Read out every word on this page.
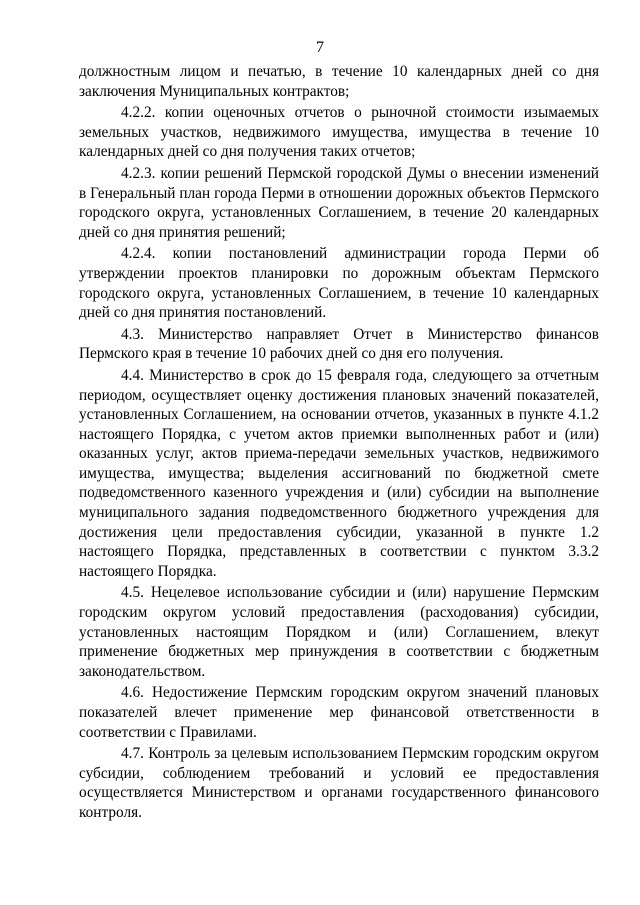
7

должностным лицом и печатью, в течение 10 календарных дней со дня заключения Муниципальных контрактов;

4.2.2. копии оценочных отчетов о рыночной стоимости изымаемых земельных участков, недвижимого имущества, имущества в течение 10 календарных дней со дня получения таких отчетов;

4.2.3. копии решений Пермской городской Думы о внесении изменений в Генеральный план города Перми в отношении дорожных объектов Пермского городского округа, установленных Соглашением, в течение 20 календарных дней со дня принятия решений;

4.2.4. копии постановлений администрации города Перми об утверждении проектов планировки по дорожным объектам Пермского городского округа, установленных Соглашением, в течение 10 календарных дней со дня принятия постановлений.

4.3. Министерство направляет Отчет в Министерство финансов Пермского края в течение 10 рабочих дней со дня его получения.

4.4. Министерство в срок до 15 февраля года, следующего за отчетным периодом, осуществляет оценку достижения плановых значений показателей, установленных Соглашением, на основании отчетов, указанных в пункте 4.1.2 настоящего Порядка, с учетом актов приемки выполненных работ и (или) оказанных услуг, актов приема-передачи земельных участков, недвижимого имущества, имущества; выделения ассигнований по бюджетной смете подведомственного казенного учреждения и (или) субсидии на выполнение муниципального задания подведомственного бюджетного учреждения для достижения цели предоставления субсидии, указанной в пункте 1.2 настоящего Порядка, представленных в соответствии с пунктом 3.3.2 настоящего Порядка.

4.5. Нецелевое использование субсидии и (или) нарушение Пермским городским округом условий предоставления (расходования) субсидии, установленных настоящим Порядком и (или) Соглашением, влекут применение бюджетных мер принуждения в соответствии с бюджетным законодательством.

4.6. Недостижение Пермским городским округом значений плановых показателей влечет применение мер финансовой ответственности в соответствии с Правилами.

4.7. Контроль за целевым использованием Пермским городским округом субсидии, соблюдением требований и условий ее предоставления осуществляется Министерством и органами государственного финансового контроля.
